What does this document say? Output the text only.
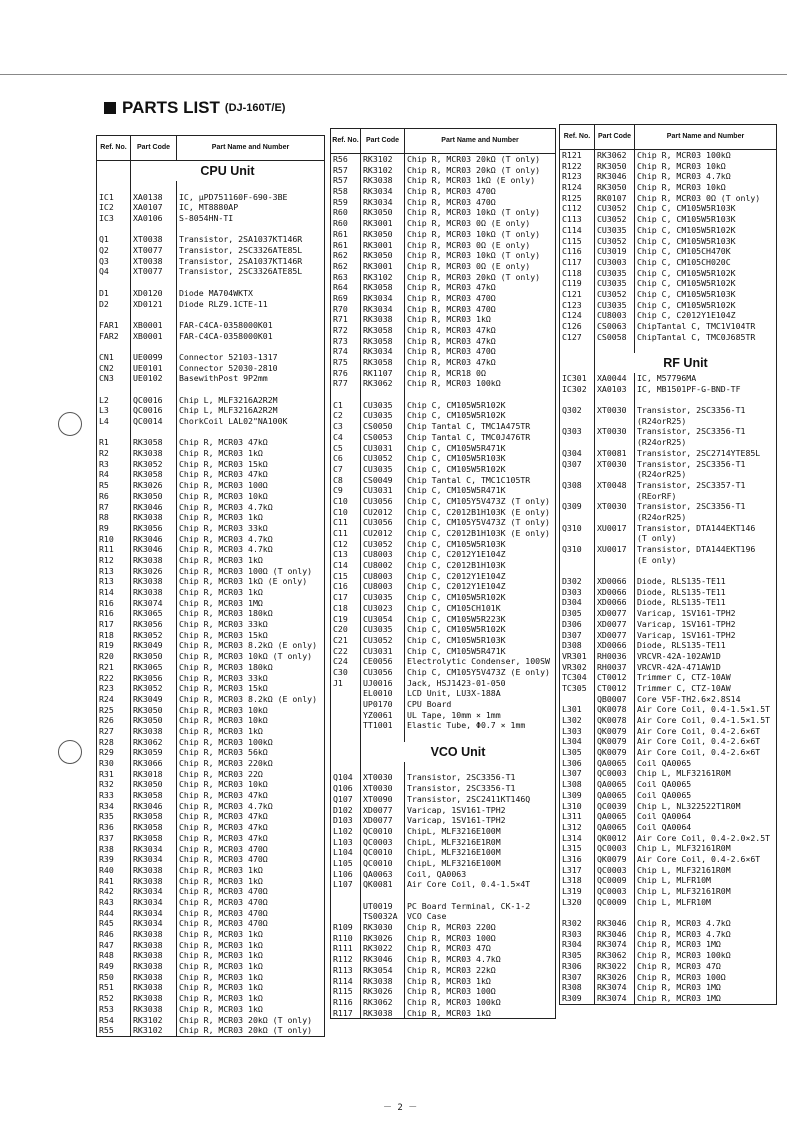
PARTS LIST (DJ-160T/E)
Ref. No.	Part Code	Part Name and Number
	CPU Unit	

IC1	XA0138	IC, μPD751160F-690-3BE
IC2	XA0107	IC, MT8880AP
IC3	XA0106	S-8054HN-TI

Q1	XT0038	Transistor, 2SA1037KT146R
Q2	XT0077	Transistor, 2SC3326ATE85L
Q3	XT0038	Transistor, 2SA1037KT146R
Q4	XT0077	Transistor, 2SC3326ATE85L

D1	XD0120	Diode MA704WKTX
D2	XD0121	Diode RLZ9.1CTE-11

FAR1	XB0001	FAR-C4CA-0358000K01
FAR2	XB0001	FAR-C4CA-0358000K01

CN1	UE0099	Connector 52103-1317
CN2	UE0101	Connector 52030-2810
CN3	UE0102	BasewithPost 9P2mm

L2	QC0016	Chip L, MLF3216A2R2M
L3	QC0016	Chip L, MLF3216A2R2M
L4	QC0014	ChorkCoil LAL02"NA100K

R1	RK3058	Chip R, MCR03 47kΩ
R2	RK3038	Chip R, MCR03 1kΩ
R3	RK3052	Chip R, MCR03 15kΩ
R4	RK3058	Chip R, MCR03 47kΩ
R5	RK3026	Chip R, MCR03 100Ω
R6	RK3050	Chip R, MCR03 10kΩ
R7	RK3046	Chip R, MCR03 4.7kΩ
R8	RK3038	Chip R, MCR03 1kΩ
R9	RK3056	Chip R, MCR03 33kΩ
R10	RK3046	Chip R, MCR03 4.7kΩ
R11	RK3046	Chip R, MCR03 4.7kΩ
R12	RK3038	Chip R, MCR03 1kΩ
R13	RK3026	Chip R, MCR03 100Ω (T only)
R13	RK3038	Chip R, MCR03 1kΩ (E only)
R14	RK3038	Chip R, MCR03 1kΩ
R16	RK3074	Chip R, MCR03 1MΩ
R16	RK3065	Chip R, MCR03 180kΩ
R17	RK3056	Chip R, MCR03 33kΩ
R18	RK3052	Chip R, MCR03 15kΩ
R19	RK3049	Chip R, MCR03 8.2kΩ (E only)
R20	RK3050	Chip R, MCR03 10kΩ (T only)
R21	RK3065	Chip R, MCR03 180kΩ
R22	RK3056	Chip R, MCR03 33kΩ
R23	RK3052	Chip R, MCR03 15kΩ
R24	RK3049	Chip R, MCR03 8.2kΩ (E only)
R25	RK3050	Chip R, MCR03 10kΩ
R26	RK3050	Chip R, MCR03 10kΩ
R27	RK3038	Chip R, MCR03 1kΩ
R28	RK3062	Chip R, MCR03 100kΩ
R29	RK3059	Chip R, MCR03 56kΩ
R30	RK3066	Chip R, MCR03 220kΩ
R31	RK3018	Chip R, MCR03 22Ω
R32	RK3050	Chip R, MCR03 10kΩ
R33	RK3058	Chip R, MCR03 47kΩ
R34	RK3046	Chip R, MCR03 4.7kΩ
R35	RK3058	Chip R, MCR03 47kΩ
R36	RK3058	Chip R, MCR03 47kΩ
R37	RK3058	Chip R, MCR03 47kΩ
R38	RK3034	Chip R, MCR03 470Ω
R39	RK3034	Chip R, MCR03 470Ω
R40	RK3038	Chip R, MCR03 1kΩ
R41	RK3038	Chip R, MCR03 1kΩ
R42	RK3034	Chip R, MCR03 470Ω
R43	RK3034	Chip R, MCR03 470Ω
R44	RK3034	Chip R, MCR03 470Ω
R45	RK3034	Chip R, MCR03 470Ω
R46	RK3038	Chip R, MCR03 1kΩ
R47	RK3038	Chip R, MCR03 1kΩ
R48	RK3038	Chip R, MCR03 1kΩ
R49	RK3038	Chip R, MCR03 1kΩ
R50	RK3038	Chip R, MCR03 1kΩ
R51	RK3038	Chip R, MCR03 1kΩ
R52	RK3038	Chip R, MCR03 1kΩ
R53	RK3038	Chip R, MCR03 1kΩ
R54	RK3102	Chip R, MCR03 20kΩ (T only)
R55	RK3102	Chip R, MCR03 20kΩ (T only)
Ref. No.	Part Code	Part Name and Number
R56	RK3102	Chip R, MCR03 20kΩ (T only)
R57	RK3102	Chip R, MCR03 20kΩ (T only)
R57	RK3038	Chip R, MCR03 1kΩ (E only)
R58	RK3034	Chip R, MCR03 470Ω
R59	RK3034	Chip R, MCR03 470Ω
R60	RK3050	Chip R, MCR03 10kΩ (T only)
R60	RK3001	Chip R, MCR03 0Ω (E only)
R61	RK3050	Chip R, MCR03 10kΩ (T only)
R61	RK3001	Chip R, MCR03 0Ω (E only)
R62	RK3050	Chip R, MCR03 10kΩ (T only)
R62	RK3001	Chip R, MCR03 0Ω (E only)
R63	RK3102	Chip R, MCR03 20kΩ (T only)
R64	RK3058	Chip R, MCR03 47kΩ
R69	RK3034	Chip R, MCR03 470Ω
R70	RK3034	Chip R, MCR03 470Ω
R71	RK3038	Chip R, MCR03 1kΩ
R72	RK3058	Chip R, MCR03 47kΩ
R73	RK3058	Chip R, MCR03 47kΩ
R74	RK3034	Chip R, MCR03 470Ω
R75	RK3058	Chip R, MCR03 47kΩ
R76	RK1107	Chip R, MCR18 0Ω
R77	RK3062	Chip R, MCR03 100kΩ

C1	CU3035	Chip C, CM105W5R102K
C2	CU3035	Chip C, CM105W5R102K
C3	CS0050	Chip Tantal C, TMC1A475TR
C4	CS0053	Chip Tantal C, TMC0J476TR
C5	CU3031	Chip C, CM105W5R471K
C6	CU3052	Chip C, CM105W5R103K
C7	CU3035	Chip C, CM105W5R102K
C8	CS0049	Chip Tantal C, TMC1C105TR
C9	CU3031	Chip C, CM105W5R471K
C10	CU3056	Chip C, CM105Y5V473Z (T only)
C10	CU2012	Chip C, C2012B1H103K (E only)
C11	CU3056	Chip C, CM105Y5V473Z (T only)
C11	CU2012	Chip C, C2012B1H103K (E only)
C12	CU3052	Chip C, CM105W5R103K
C13	CU8003	Chip C, C2012Y1E104Z
C14	CU8002	Chip C, C2012B1H103K
C15	CU8003	Chip C, C2012Y1E104Z
C16	CU8003	Chip C, C2012Y1E104Z
C17	CU3035	Chip C, CM105W5R102K
C18	CU3023	Chip C, CM105CH101K
C19	CU3054	Chip C, CM105W5R223K
C20	CU3035	Chip C, CM105W5R102K
C21	CU3052	Chip C, CM105W5R103K
C22	CU3031	Chip C, CM105W5R471K
C24	CE0056	Electrolytic Condenser, 100SW
C30	CU3056	Chip C, CM105Y5V473Z (E only)
J1	UJ0016	Jack, HSJ1423-01-050
	EL0010	LCD Unit, LU3X-188A
	UP0170	CPU Board
	YZ0061	UL Tape, 10mm × 1mm
	TT1001	Elastic Tube, Φ0.7 × 1mm

	VCO Unit	

Q104	XT0030	Transistor, 2SC3356-T1
Q106	XT0030	Transistor, 2SC3356-T1
Q107	XT0090	Transistor, 2SC2411KT146Q
D102	XD0077	Varicap, 1SV161-TPH2
D103	XD0077	Varicap, 1SV161-TPH2
L102	QC0010	ChipL, MLF3216E100M
L103	QC0003	ChipL, MLF3216E1R0M
L104	QC0010	ChipL, MLF3216E100M
L105	QC0010	ChipL, MLF3216E100M
L106	QA0063	Coil, QA0063
L107	QK0081	Air Core Coil, 0.4-1.5×4T

	UT0019	PC Board Terminal, CK-1-2
	TS0032A	VCO Case
R109	RK3030	Chip R, MCR03 220Ω
R110	RK3026	Chip R, MCR03 100Ω
R111	RK3022	Chip R, MCR03 47Ω
R112	RK3046	Chip R, MCR03 4.7kΩ
R113	RK3054	Chip R, MCR03 22kΩ
R114	RK3038	Chip R, MCR03 1kΩ
R115	RK3026	Chip R, MCR03 100Ω
R116	RK3062	Chip R, MCR03 100kΩ
R117	RK3038	Chip R, MCR03 1kΩ
Ref. No.	Part Code	Part Name and Number
R121	RK3062	Chip R, MCR03 100kΩ
R122	RK3050	Chip R, MCR03 10kΩ
R123	RK3046	Chip R, MCR03 4.7kΩ
R124	RK3050	Chip R, MCR03 10kΩ
R125	RK0107	Chip R, MCR03 0Ω (T only)
C112	CU3052	Chip C, CM105W5R103K
C113	CU3052	Chip C, CM105W5R103K
C114	CU3035	Chip C, CM105W5R102K
C115	CU3052	Chip C, CM105W5R103K
C116	CU3019	Chip C, CM105CH470K
C117	CU3003	Chip C, CM105CH020C
C118	CU3035	Chip C, CM105W5R102K
C119	CU3035	Chip C, CM105W5R102K
C121	CU3052	Chip C, CM105W5R103K
C123	CU3035	Chip C, CM105W5R102K
C124	CU8003	Chip C, C2012Y1E104Z
C126	CS0063	ChipTantal C, TMC1V104TR
C127	CS0058	ChipTantal C, TMC0J685TR

	RF Unit	
IC301	XA0044	IC, M57796MA
IC302	XA0103	IC, MB1501PF-G-BND-TF

Q302	XT0030	Transistor, 2SC3356-T1
		(R24orR25)
Q303	XT0030	Transistor, 2SC3356-T1
		(R24orR25)
Q304	XT0081	Transistor, 2SC2714YTE85L
Q307	XT0030	Transistor, 2SC3356-T1
		(R24orR25)
Q308	XT0048	Transistor, 2SC3357-T1
		(REorRF)
Q309	XT0030	Transistor, 2SC3356-T1
		(R24orR25)
Q310	XU0017	Transistor, DTA144EKT146
		(T only)
Q310	XU0017	Transistor, DTA144EKT196
		(E only)

D302	XD0066	Diode, RLS135-TE11
D303	XD0066	Diode, RLS135-TE11
D304	XD0066	Diode, RLS135-TE11
D305	XD0077	Varicap, 1SV161-TPH2
D306	XD0077	Varicap, 1SV161-TPH2
D307	XD0077	Varicap, 1SV161-TPH2
D308	XD0066	Diode, RLS135-TE11
VR301	RH0036	VRCVR-42A-102AW1D
VR302	RH0037	VRCVR-42A-471AW1D
TC304	CT0012	Trimmer C, CTZ-10AW
TC305	CT0012	Trimmer C, CTZ-10AW
	QB0007	Core V5F-TH2.6×2.8S14
L301	QK0078	Air Core Coil, 0.4-1.5×1.5T
L302	QK0078	Air Core Coil, 0.4-1.5×1.5T
L303	QK0079	Air Core Coil, 0.4-2.6×6T
L304	QK0079	Air Core Coil, 0.4-2.6×6T
L305	QK0079	Air Core Coil, 0.4-2.6×6T
L306	QA0065	Coil QA0065
L307	QC0003	Chip L, MLF32161R0M
L308	QA0065	Coil QA0065
L309	QA0065	Coil QA0065
L310	QC0039	Chip L, NL322522T1R0M
L311	QA0065	Coil QA0064
L312	QA0065	Coil QA0064
L314	QK0012	Air Core Coil, 0.4-2.0×2.5T
L315	QC0003	Chip L, MLF32161R0M
L316	QK0079	Air Core Coil, 0.4-2.6×6T
L317	QC0003	Chip L, MLF32161R0M
L318	QC0009	Chip L, MLFR10M
L319	QC0003	Chip L, MLF32161R0M
L320	QC0009	Chip L, MLFR10M

R302	RK3046	Chip R, MCR03 4.7kΩ
R303	RK3046	Chip R, MCR03 4.7kΩ
R304	RK3074	Chip R, MCR03 1MΩ
R305	RK3062	Chip R, MCR03 100kΩ
R306	RK3022	Chip R, MCR03 47Ω
R307	RK3026	Chip R, MCR03 100Ω
R308	RK3074	Chip R, MCR03 1MΩ
R309	RK3074	Chip R, MCR03 1MΩ
－ 2 －
